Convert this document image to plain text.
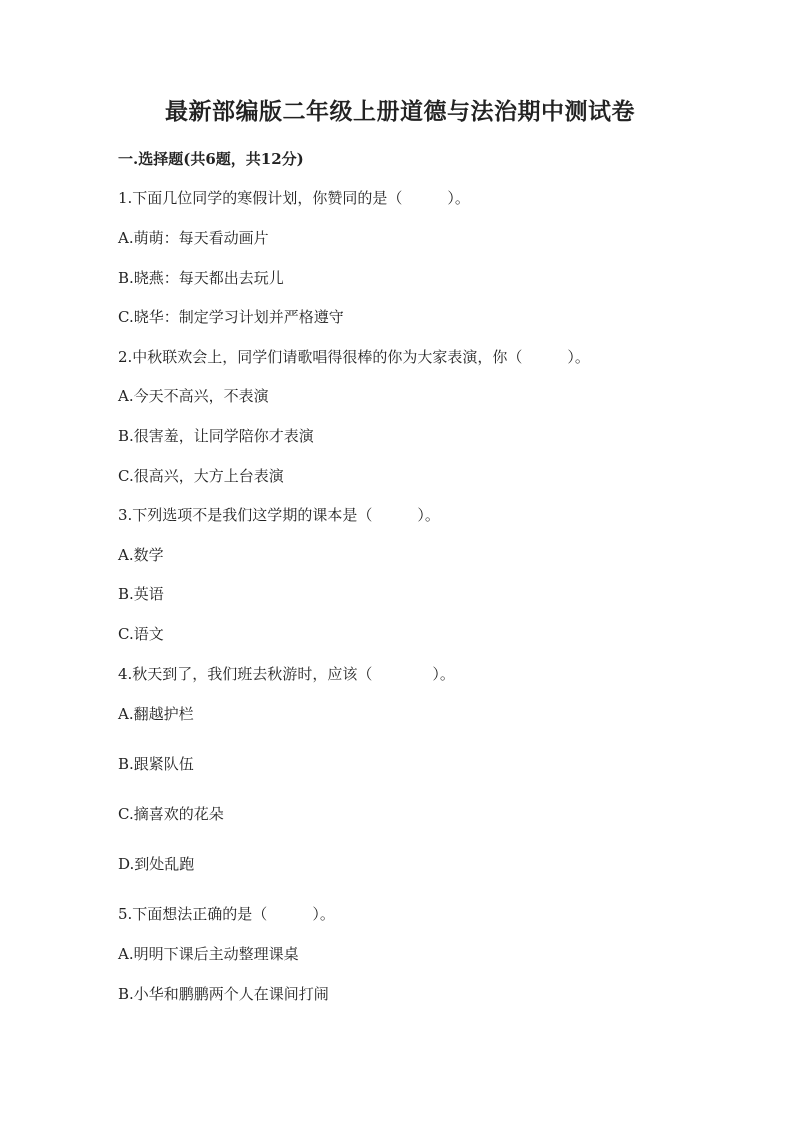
最新部编版二年级上册道德与法治期中测试卷

一.选择题(共6题，共12分)

1.下面几位同学的寒假计划，你赞同的是（　　　）。

A.萌萌：每天看动画片

B.晓燕：每天都出去玩儿

C.晓华：制定学习计划并严格遵守

2.中秋联欢会上，同学们请歌唱得很棒的你为大家表演，你（　　　）。

A.今天不高兴，不表演

B.很害羞，让同学陪你才表演

C.很高兴，大方上台表演

3.下列选项不是我们这学期的课本是（　　　）。

A.数学

B.英语

C.语文

4.秋天到了，我们班去秋游时，应该（　　　　）。

A.翻越护栏

B.跟紧队伍

C.摘喜欢的花朵

D.到处乱跑

5.下面想法正确的是（　　　）。

A.明明下课后主动整理课桌

B.小华和鹏鹏两个人在课间打闹
